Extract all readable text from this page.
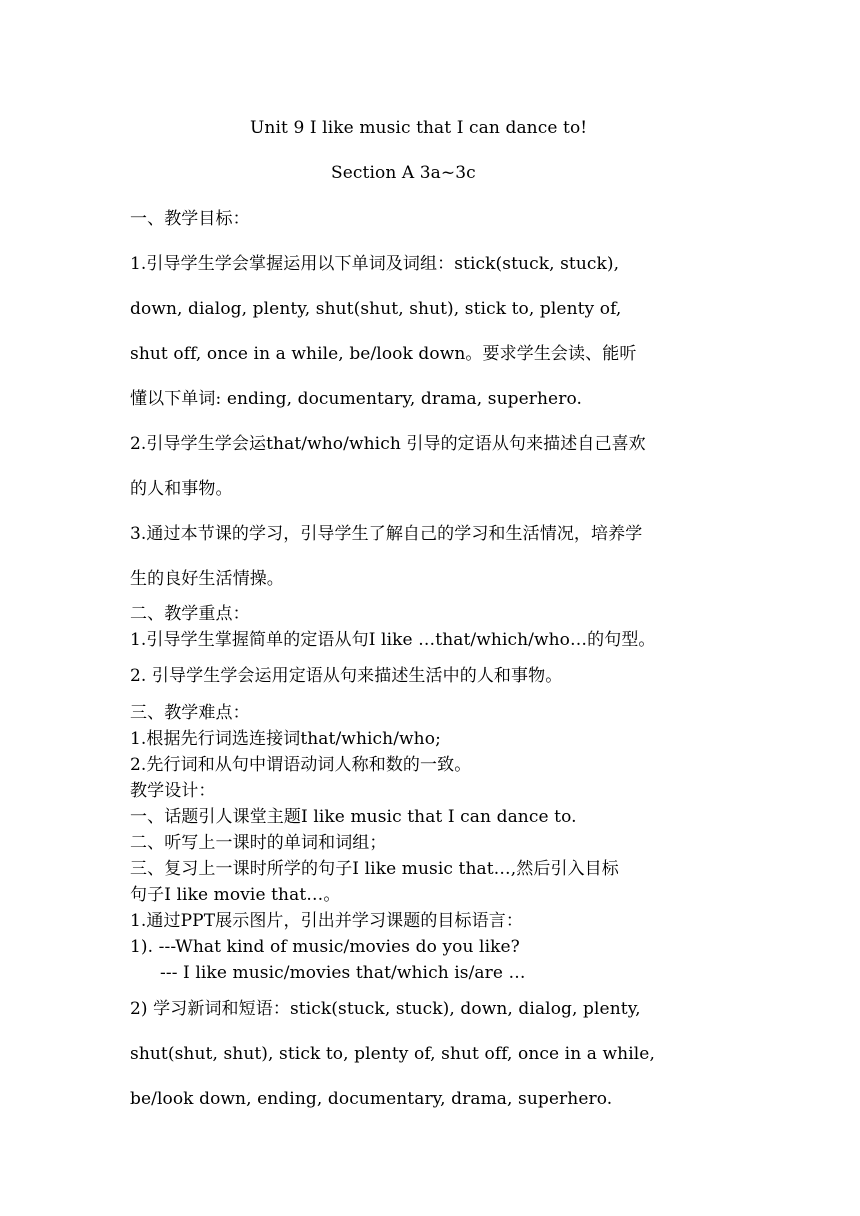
Unit 9 I like music that I can dance to!
Section A 3a~3c
一、教学目标：
1.引导学生学会掌握运用以下单词及词组：stick(stuck, stuck),
down, dialog, plenty, shut(shut, shut), stick to, plenty of,
shut off, once in a while, be/look down。要求学生会读、能听
懂以下单词: ending, documentary, drama, superhero.
2.引导学生学会运that/who/which 引导的定语从句来描述自己喜欢
的人和事物。
3.通过本节课的学习，引导学生了解自己的学习和生活情况，培养学
生的良好生活情操。
二、教学重点：
1.引导学生掌握简单的定语从句I like …that/which/who…的句型。
2. 引导学生学会运用定语从句来描述生活中的人和事物。
三、教学难点：
1.根据先行词选连接词that/which/who;
2.先行词和从句中谓语动词人称和数的一致。
教学设计：
一、话题引人课堂主题I like music that I can dance to.
二、听写上一课时的单词和词组；
三、复习上一课时所学的句子I like music that…,然后引入目标
句子I like movie that…。
1.通过PPT展示图片，引出并学习课题的目标语言：
1). ---What kind of music/movies do you like?
--- I like music/movies that/which is/are …
2) 学习新词和短语：stick(stuck, stuck), down, dialog, plenty,
shut(shut, shut), stick to, plenty of, shut off, once in a while,
be/look down, ending, documentary, drama, superhero.
